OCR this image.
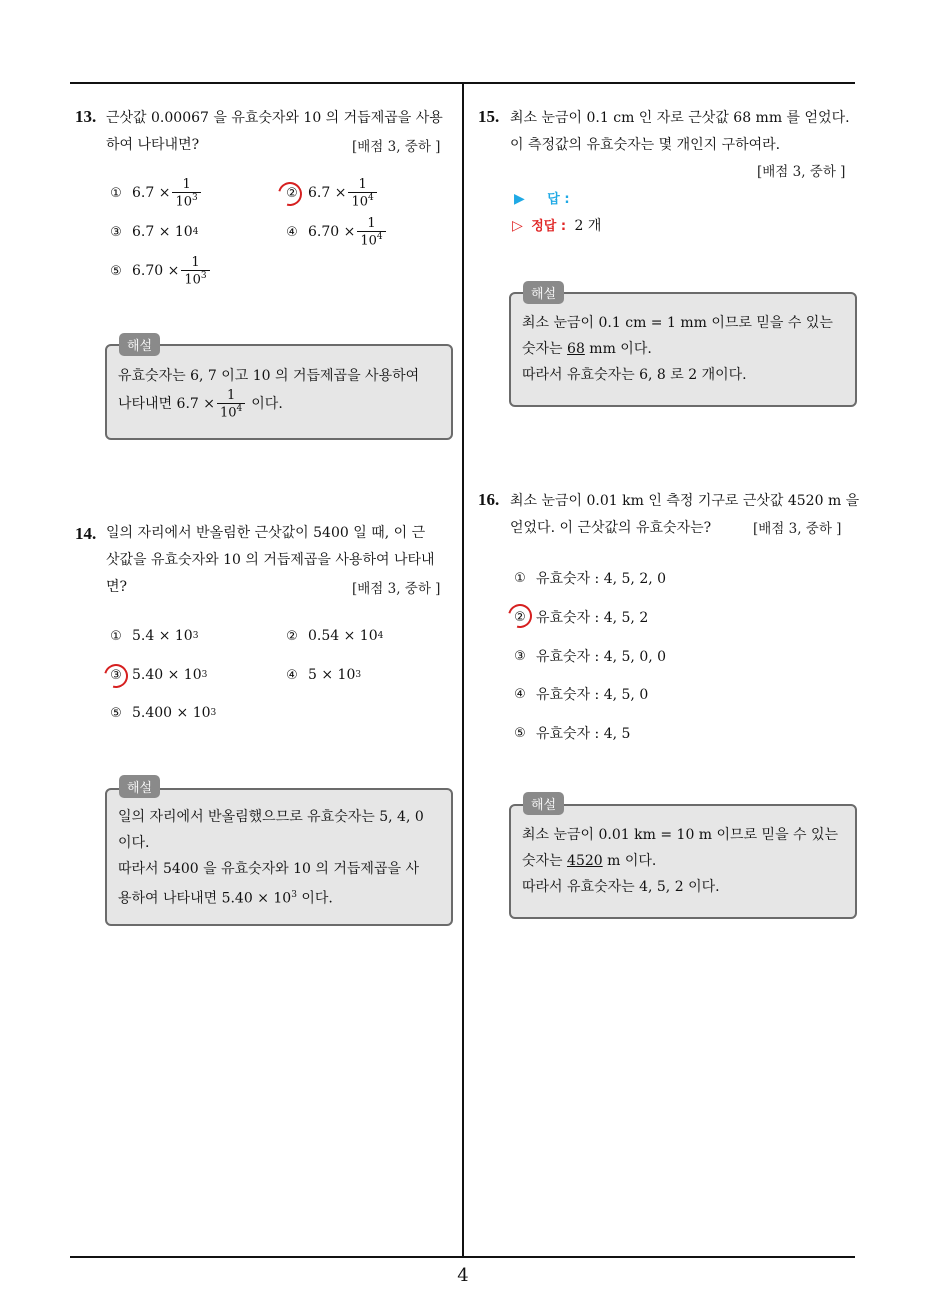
4
13. 근삿값 0.00067 을 유효숫자와 10 의 거듭제곱을 사용
하여 나타내면?	[배점 3, 중하 ]
① $6.7 \times \frac{1}{10^3}$	② $6.7 \times \frac{1}{10^4}$
③ 6.7 × 10 4	④ $6.70 \times \frac{1}{10^4}$
⑤ $6.70 \times \frac{1}{10^3}$
해설
유효숫자는 6, 7 이고 10 의 거듭제곱을 사용하여
나타내면 $6.7 \times \frac{1}{10^4}$ 이다.
14. 일의 자리에서 반올림한 근삿값이 5400 일 때, 이 근
삿값을 유효숫자와 10 의 거듭제곱을 사용하여 나타내
면?	[배점 3, 중하 ]
① 5.4 × 10 3	② 0.54 × 10 4
③ 5.40 × 10 3	④ 5 × 10 3
⑤ 5.400 × 10 3
해설
일의 자리에서 반올림했으므로 유효숫자는 5, 4, 0
이다.
따라서 5400 을 유효숫자와 10 의 거듭제곱을 사
용하여 나타내면 $5.40 \times 10^3$ 이다.
15. 최소 눈금이 0.1 cm 인 자로 근삿값 68 mm 를 얻었다.
이 측정값의 유효숫자는 몇 개인지 구하여라.
[배점 3, 중하 ]
▶ 답 :
▷ 정답 : 2 개
해설
최소 눈금이 0.1 cm = 1 mm 이므로 믿을 수 있는
숫자는 68 mm 이다.
따라서 유효숫자는 6, 8 로 2 개이다.
16. 최소 눈금이 0.01 km 인 측정 기구로 근삿값 4520 m 을
얻었다. 이 근삿값의 유효숫자는?	[배점 3, 중하 ]
① 유효숫자 : 4, 5, 2, 0
② 유효숫자 : 4, 5, 2
③ 유효숫자 : 4, 5, 0, 0
④ 유효숫자 : 4, 5, 0
⑤ 유효숫자 : 4, 5
해설
최소 눈금이 0.01 km = 10 m 이므로 믿을 수 있는
숫자는 4520 m 이다.
따라서 유효숫자는 4, 5, 2 이다.
